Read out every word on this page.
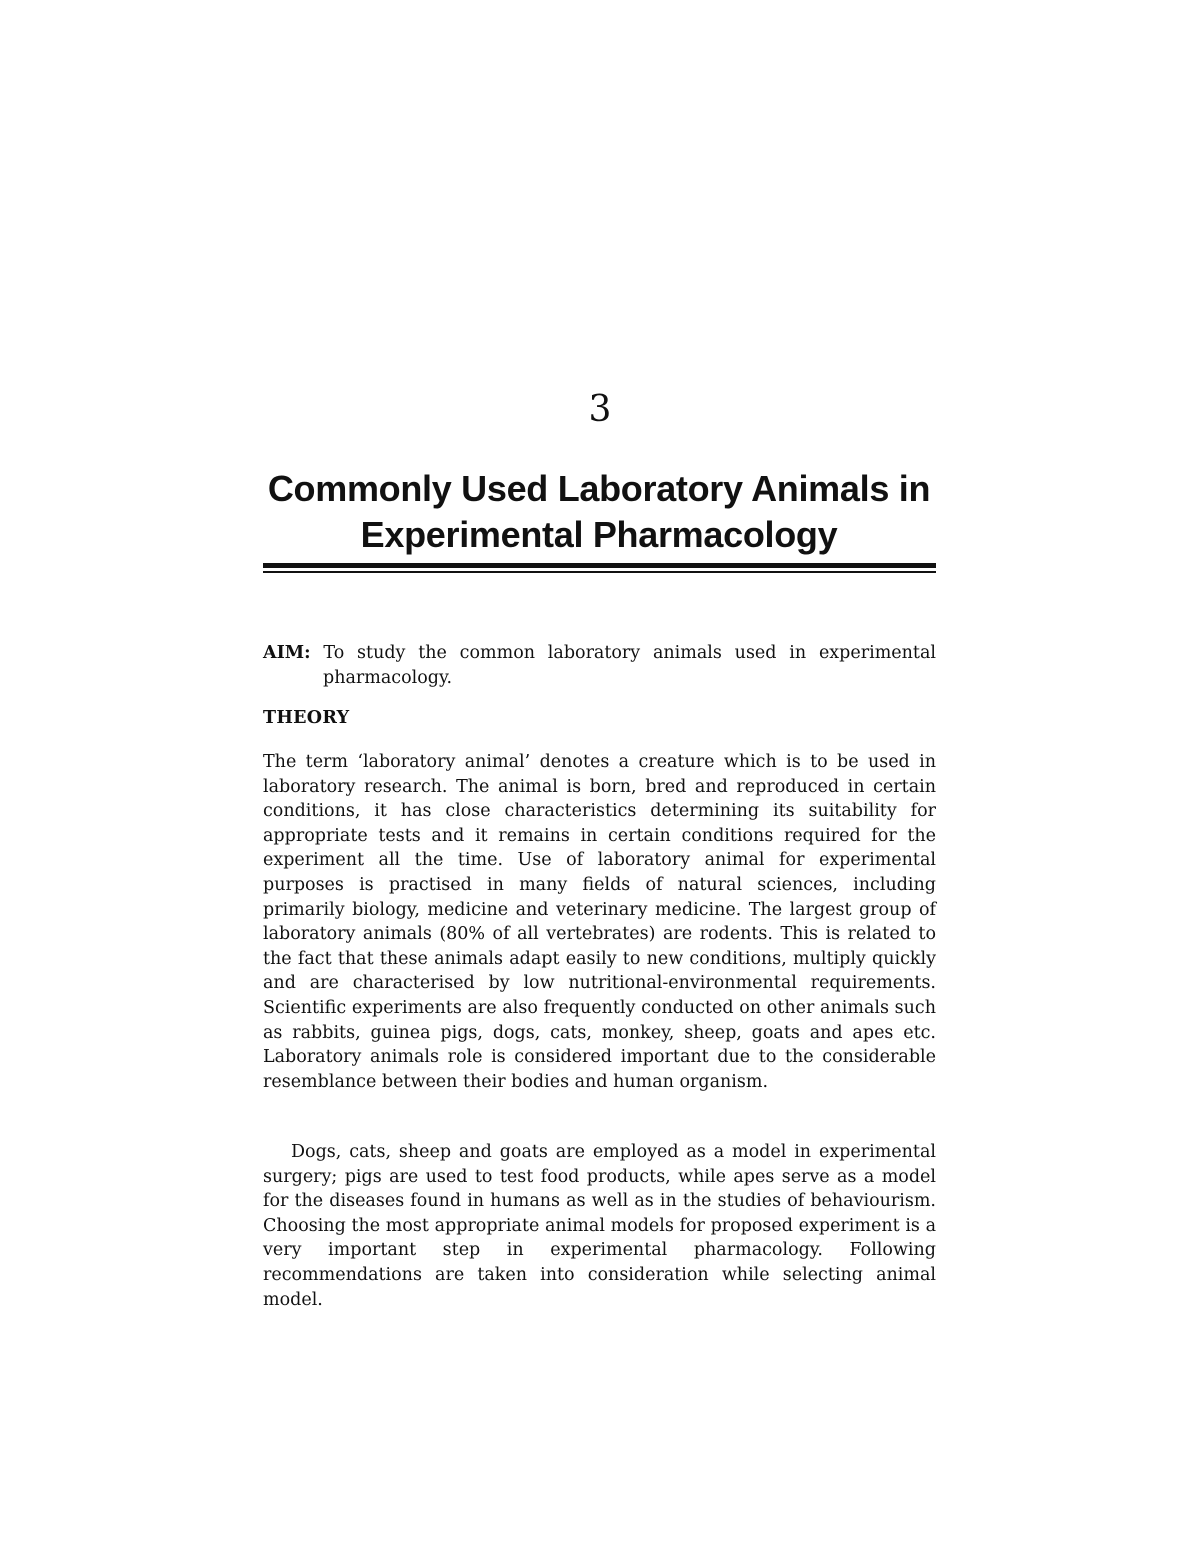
3
Commonly Used Laboratory Animals in Experimental Pharmacology
AIM: To study the common laboratory animals used in experimental pharmacology.
THEORY

The term ‘laboratory animal’ denotes a creature which is to be used in laboratory research. The animal is born, bred and reproduced in certain conditions, it has close characteristics determining its suitability for appropriate tests and it remains in certain conditions required for the experiment all the time. Use of laboratory animal for experimental purposes is practised in many fields of natural sciences, including primarily biology, medicine and veterinary medicine. The largest group of laboratory animals (80% of all vertebrates) are rodents. This is related to the fact that these animals adapt easily to new conditions, multiply quickly and are characterised by low nutritional-environmental requirements. Scientific experiments are also frequently conducted on other animals such as rabbits, guinea pigs, dogs, cats, monkey, sheep, goats and apes etc. Laboratory animals role is considered important due to the considerable resemblance between their bodies and human organism.

Dogs, cats, sheep and goats are employed as a model in experimental surgery; pigs are used to test food products, while apes serve as a model for the diseases found in humans as well as in the studies of behaviourism. Choosing the most appropriate animal models for proposed experiment is a very important step in experimental pharmacology. Following recommendations are taken into consideration while selecting animal model.
